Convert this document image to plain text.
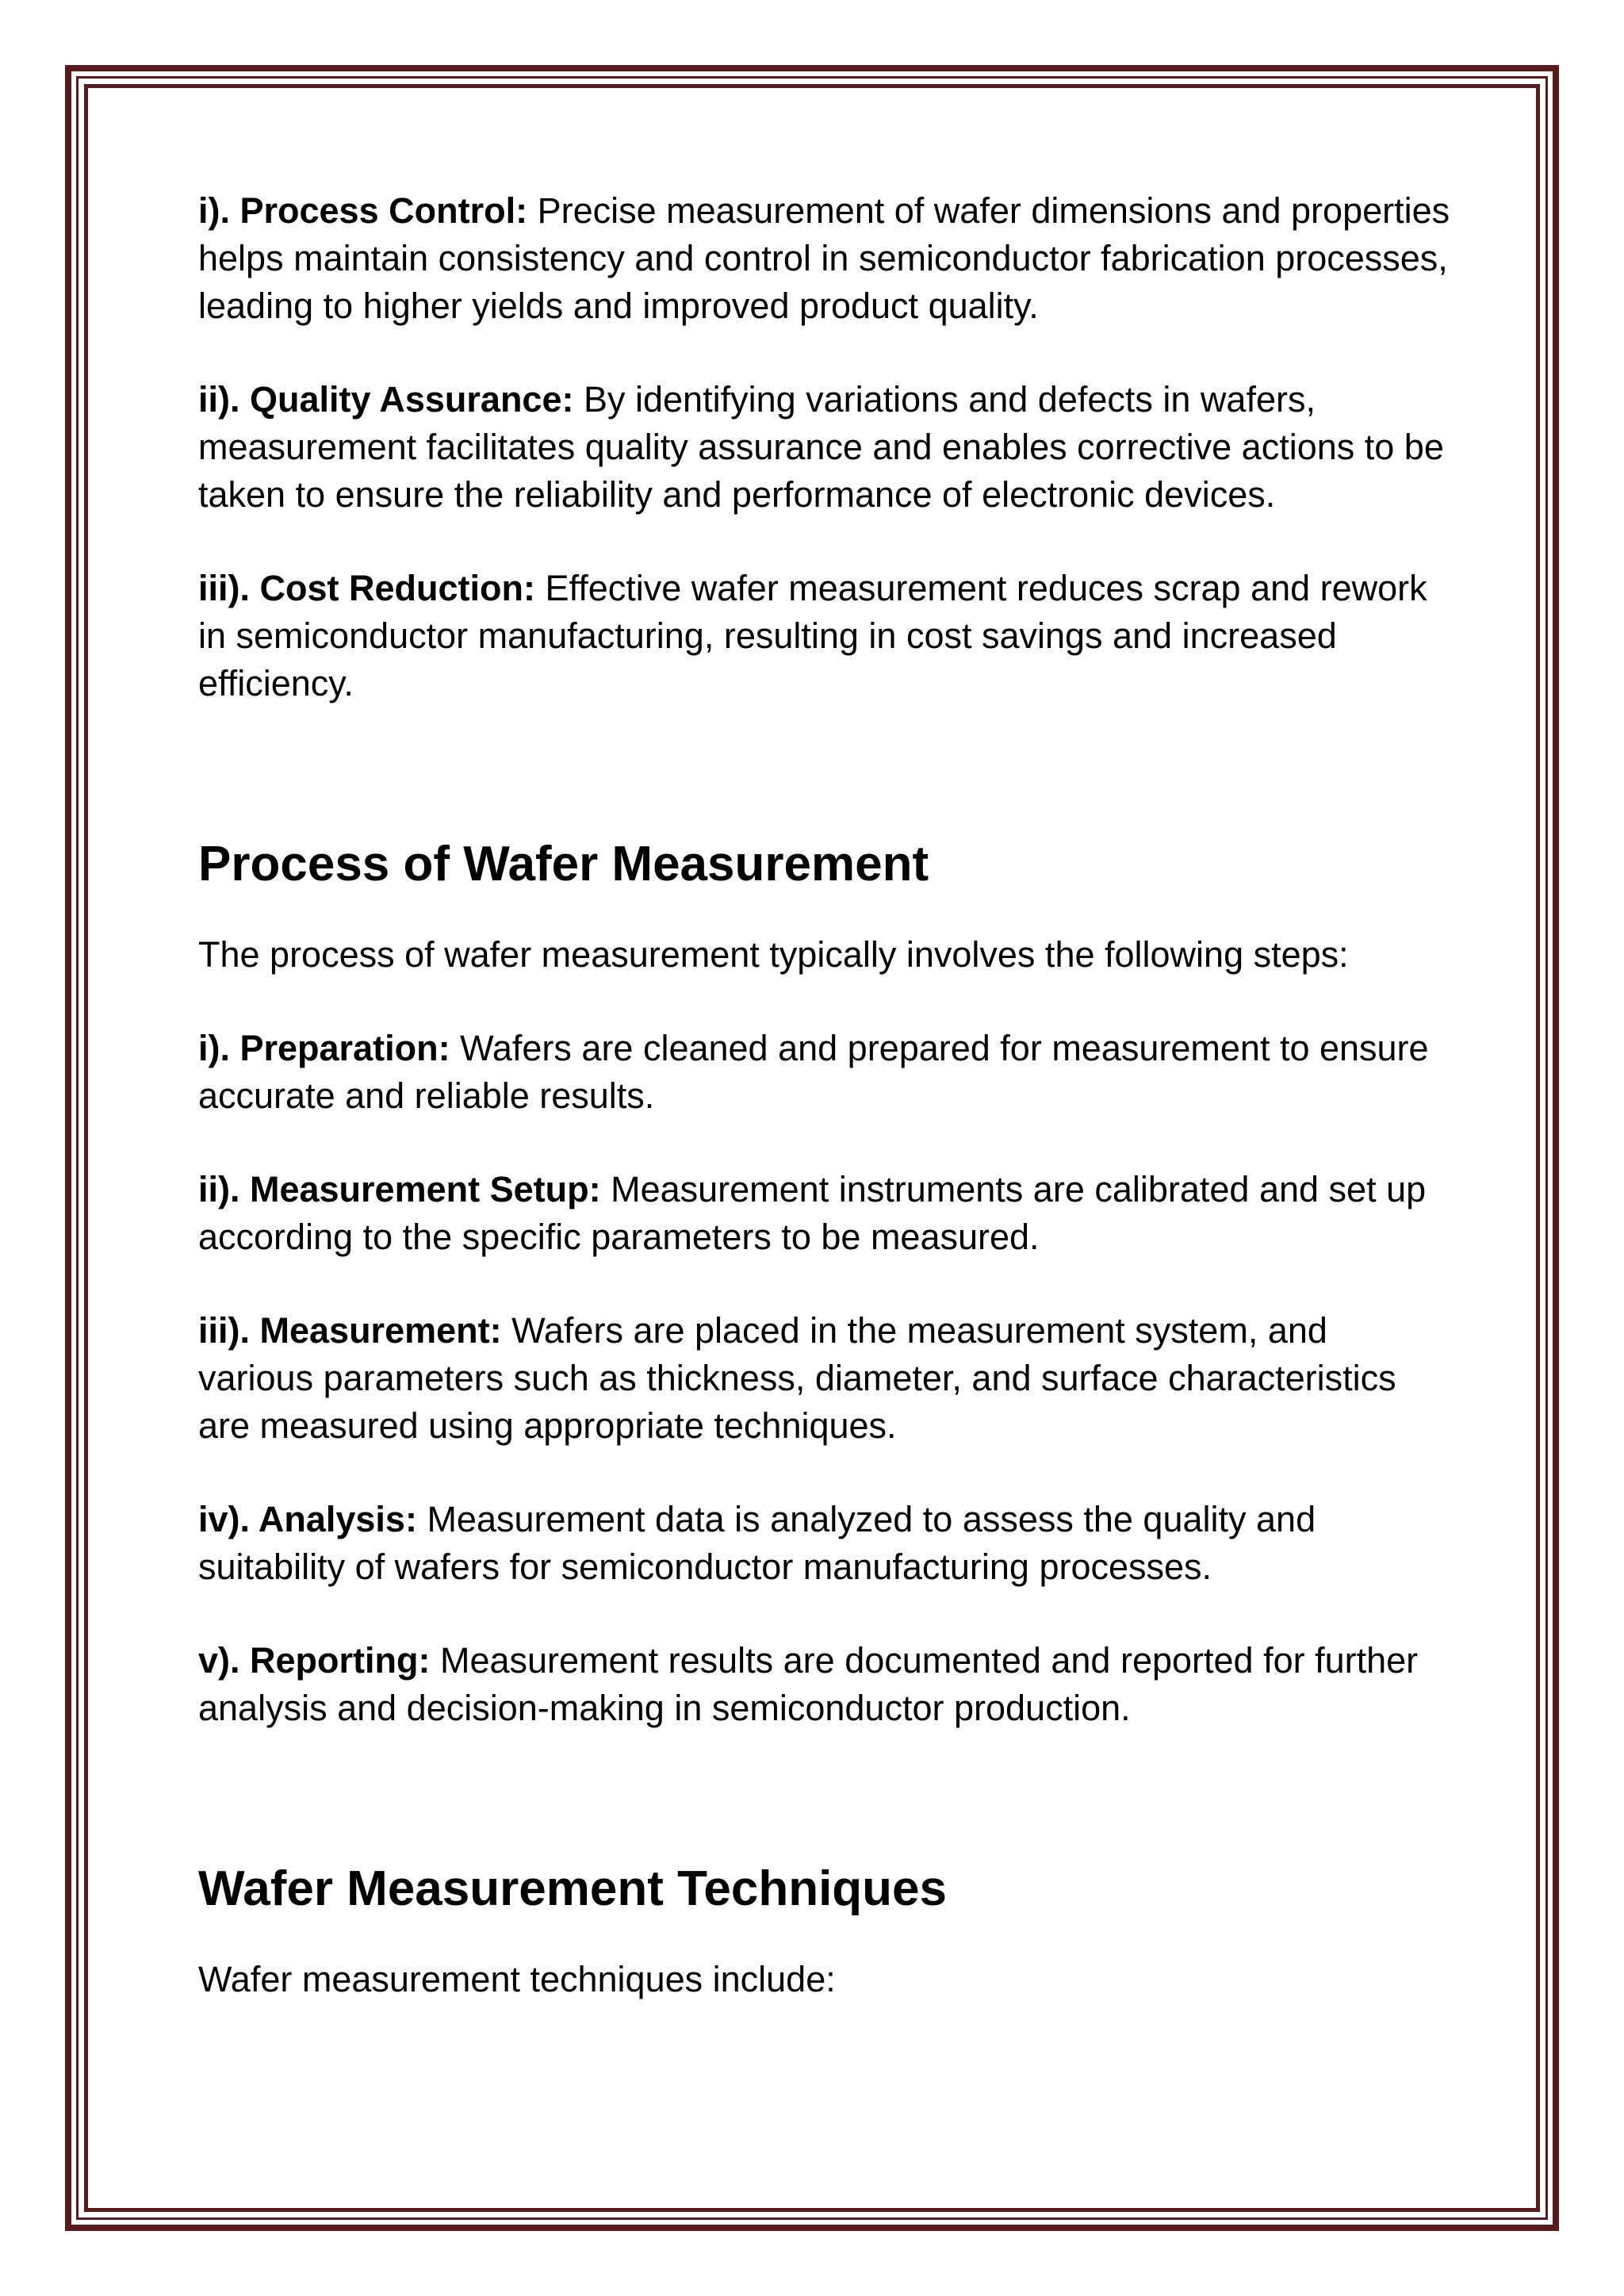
i). Process Control: Precise measurement of wafer dimensions and properties helps maintain consistency and control in semiconductor fabrication processes, leading to higher yields and improved product quality.

ii). Quality Assurance: By identifying variations and defects in wafers, measurement facilitates quality assurance and enables corrective actions to be taken to ensure the reliability and performance of electronic devices.

iii). Cost Reduction: Effective wafer measurement reduces scrap and rework in semiconductor manufacturing, resulting in cost savings and increased efficiency.

Process of Wafer Measurement

The process of wafer measurement typically involves the following steps:

i). Preparation: Wafers are cleaned and prepared for measurement to ensure accurate and reliable results.

ii). Measurement Setup: Measurement instruments are calibrated and set up according to the specific parameters to be measured.

iii). Measurement: Wafers are placed in the measurement system, and various parameters such as thickness, diameter, and surface characteristics are measured using appropriate techniques.

iv). Analysis: Measurement data is analyzed to assess the quality and suitability of wafers for semiconductor manufacturing processes.

v). Reporting: Measurement results are documented and reported for further analysis and decision-making in semiconductor production.

Wafer Measurement Techniques

Wafer measurement techniques include:
